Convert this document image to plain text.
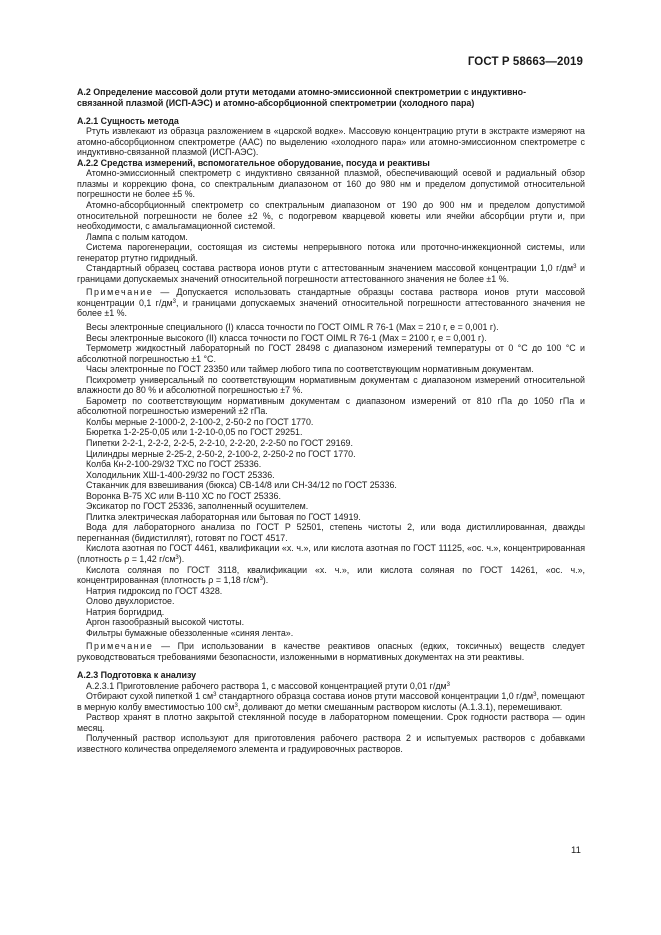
ГОСТ Р 58663—2019

А.2 Определение массовой доли ртути методами атомно-эмиссионной спектрометрии с индуктивно-
связанной плазмой (ИСП-АЭС) и атомно-абсорбционной спектрометрии (холодного пара)

А.2.1 Сущность метода

Ртуть извлекают из образца разложением в «царской водке». Массовую концентрацию ртути в экстракте измеряют на атомно-абсорбционном спектрометре (ААС) по выделению «холодного пара» или атомно-эмиссионном спектрометре с индуктивно-связанной плазмой (ИСП-АЭС).

А.2.2 Средства измерений, вспомогательное оборудование, посуда и реактивы

Атомно-эмиссионный спектрометр с индуктивно связанной плазмой, обеспечивающий осевой и радиальный обзор плазмы и коррекцию фона, со спектральным диапазоном от 160 до 980 нм и пределом допустимой относительной погрешности не более ±5 %.

Атомно-абсорбционный спектрометр со спектральным диапазоном от 190 до 900 нм и пределом допустимой относительной погрешности не более ±2 %, с подогревом кварцевой кюветы или ячейки абсорбции ртути и, при необходимости, с амальгамационной системой.

Лампа с полым катодом.

Система парогенерации, состоящая из системы непрерывного потока или проточно-инжекционной системы, или генератор ртутно гидридный.

Стандартный образец состава раствора ионов ртути с аттестованным значением массовой концентрации 1,0 $г/дм^3$ и границами допускаемых значений относительной погрешности аттестованного значения не более ±1 %.

Примечание — Допускается использовать стандартные образцы состава раствора ионов ртути массовой концентрации 0,1 $г/дм^3$, и границами допускаемых значений относительной погрешности аттестованного значения не более ±1 %.

Весы электронные специального (I) класса точности по ГОСТ OIML R 76-1 (Max = 210 г, e = 0,001 г).

Весы электронные высокого (II) класса точности по ГОСТ OIML R 76-1 (Max = 2100 г, e = 0,001 г).

Термометр жидкостный лабораторный по ГОСТ 28498 с диапазоном измерений температуры от 0 °С до 100 °С и абсолютной погрешностью ±1 °С.

Часы электронные по ГОСТ 23350 или таймер любого типа по соответствующим нормативным документам.

Психрометр универсальный по соответствующим нормативным документам с диапазоном измерений относительной влажности до 80 % и абсолютной погрешностью ±7 %.

Барометр по соответствующим нормативным документам с диапазоном измерений от 810 гПа до 1050 гПа и абсолютной погрешностью измерений ±2 гПа.

Колбы мерные 2-1000-2, 2-100-2, 2-50-2 по ГОСТ 1770.

Бюретка 1-2-25-0,05 или 1-2-10-0,05 по ГОСТ 29251.

Пипетки 2-2-1, 2-2-2, 2-2-5, 2-2-10, 2-2-20, 2-2-50 по ГОСТ 29169.

Цилиндры мерные 2-25-2, 2-50-2, 2-100-2, 2-250-2 по ГОСТ 1770.

Колба Кн-2-100-29/32 ТХС по ГОСТ 25336.

Холодильник ХШ-1-400-29/32 по ГОСТ 25336.

Стаканчик для взвешивания (бюкса) СВ-14/8 или СН-34/12 по ГОСТ 25336.

Воронка В-75 ХС или В-110 ХС по ГОСТ 25336.

Эксикатор по ГОСТ 25336, заполненный осушителем.

Плитка электрическая лабораторная или бытовая по ГОСТ 14919.

Вода для лабораторного анализа по ГОСТ Р 52501, степень чистоты 2, или вода дистиллированная, дважды перегнанная (бидистиллят), готовят по ГОСТ 4517.

Кислота азотная по ГОСТ 4461, квалификации «х. ч.», или кислота азотная по ГОСТ 11125, «ос. ч.», концентрированная (плотность ρ = 1,42 $г/см^3$).

Кислота соляная по ГОСТ 3118, квалификации «х. ч.», или кислота соляная по ГОСТ 14261, «ос. ч.», концентрированная (плотность ρ = 1,18 $г/см^3$).

Натрия гидроксид по ГОСТ 4328.

Олово двухлористое.

Натрия боргидрид.

Аргон газообразный высокой чистоты.

Фильтры бумажные обеззоленные «синяя лента».

Примечание — При использовании в качестве реактивов опасных (едких, токсичных) веществ следует руководствоваться требованиями безопасности, изложенными в нормативных документах на эти реактивы.

А.2.3 Подготовка к анализу

А.2.3.1 Приготовление рабочего раствора 1, с массовой концентрацией ртути 0,01 $г/дм^3$

Отбирают сухой пипеткой 1 $см^3$ стандартного образца состава ионов ртути массовой концентрации 1,0 $г/дм^3$, помещают в мерную колбу вместимостью 100 $см^3$, доливают до метки смешанным раствором кислоты (А.1.3.1), перемешивают.

Раствор хранят в плотно закрытой стеклянной посуде в лабораторном помещении. Срок годности раствора — один месяц.

Полученный раствор используют для приготовления рабочего раствора 2 и испытуемых растворов с добавками известного количества определяемого элемента и градуировочных растворов.

11
